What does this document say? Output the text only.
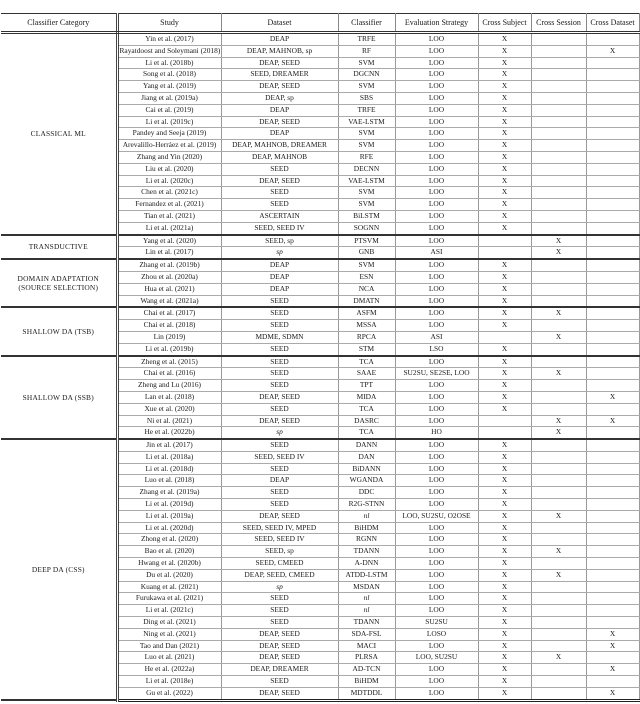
Classifier Category	Study	Dataset	Classifier	Evaluation Strategy	Cross Subject	Cross Session	Cross Dataset
CLASSICAL ML	Yin et al. (2017)	DEAP	TRFE	LOO	X		
	Rayatdoost and Soleymani (2018)	DEAP, MAHNOB, sp	RF	LOO	X		X
	Li et al. (2018b)	DEAP, SEED	SVM	LOO	X		
	Song et al. (2018)	SEED, DREAMER	DGCNN	LOO	X		
	Yang et al. (2019)	DEAP, SEED	SVM	LOO	X		
	Jiang et al. (2019a)	DEAP, sp	SBS	LOO	X		
	Cai et al. (2019)	DEAP	TRFE	LOO	X		
	Li et al. (2019c)	DEAP, SEED	VAE-LSTM	LOO	X		
	Pandey and Seeja (2019)	DEAP	SVM	LOO	X		
	Arevalillo-Herráez et al. (2019)	DEAP, MAHNOB, DREAMER	SVM	LOO	X		
	Zhang and Yin (2020)	DEAP, MAHNOB	RFE	LOO	X		
	Liu et al. (2020)	SEED	DECNN	LOO	X		
	Li et al. (2020c)	DEAP, SEED	VAE-LSTM	LOO	X		
	Chen et al. (2021c)	SEED	SVM	LOO	X		
	Fernandez et al. (2021)	SEED	SVM	LOO	X		
	Tian et al. (2021)	ASCERTAIN	BiLSTM	LOO	X		
	Li et al. (2021a)	SEED, SEED IV	SOGNN	LOO	X		
TRANSDUCTIVE	Yang et al. (2020)	SEED, sp	PTSVM	LOO		X	
	Lin et al. (2017)	sp	GNB	ASI		X	
DOMAIN ADAPTATION (SOURCE SELECTION)	Zhang et al. (2019b)	DEAP	SVM	LOO	X		
	Zhou et al. (2020a)	DEAP	ESN	LOO	X		
	Hua et al. (2021)	DEAP	NCA	LOO	X		
	Wang et al. (2021a)	SEED	DMATN	LOO	X		
SHALLOW DA (TSB)	Chai et al. (2017)	SEED	ASFM	LOO	X	X	
	Chai et al. (2018)	SEED	MSSA	LOO	X		
	Lin (2019)	MDME, SDMN	RPCA	ASI		X	
	Li et al. (2019b)	SEED	STM	LSO	X		
SHALLOW DA (SSB)	Zheng et al. (2015)	SEED	TCA	LOO	X		
	Chai et al. (2016)	SEED	SAAE	SU2SU, SE2SE, LOO	X	X	
	Zheng and Lu (2016)	SEED	TPT	LOO	X		
	Lan et al. (2018)	DEAP, SEED	MIDA	LOO	X		X
	Xue et al. (2020)	SEED	TCA	LOO	X		
	Ni et al. (2021)	DEAP, SEED	DASRC	LOO		X	X
	He et al. (2022b)	sp	TCA	HO		X	
DEEP DA (CSS)	Jin et al. (2017)	SEED	DANN	LOO	X		
	Li et al. (2018a)	SEED, SEED IV	DAN	LOO	X		
	Li et al. (2018d)	SEED	BiDANN	LOO	X		
	Luo et al. (2018)	DEAP	WGANDA	LOO	X		
	Zhang et al. (2019a)	SEED	DDC	LOO	X		
	Li et al. (2019d)	SEED	R2G-STNN	LOO	X		
	Li et al. (2019a)	DEAP, SEED	nl	LOO, SU2SU, O2OSE	X	X	
	Li et al. (2020d)	SEED, SEED IV, MPED	BiHDM	LOO	X		
	Zhong et al. (2020)	SEED, SEED IV	RGNN	LOO	X		
	Bao et al. (2020)	SEED, sp	TDANN	LOO	X	X	
	Hwang et al. (2020b)	SEED, CMEED	A-DNN	LOO	X		
	Du et al. (2020)	DEAP, SEED, CMEED	ATDD-LSTM	LOO	X	X	
	Kuang et al. (2021)	sp	MSDAN	LOO	X		
	Furukawa et al. (2021)	SEED	nl	LOO	X		
	Li et al. (2021c)	SEED	nl	LOO	X		
	Ding et al. (2021)	SEED	TDANN	SU2SU	X		
	Ning et al. (2021)	DEAP, SEED	SDA-FSL	LOSO	X		X
	Tao and Dan (2021)	DEAP, SEED	MACI	LOO	X		X
	Luo et al. (2021)	DEAP, SEED	PLRSA	LOO, SU2SU	X	X	
	He et al. (2022a)	DEAP, DREAMER	AD-TCN	LOO	X		X
	Li et al. (2018e)	SEED	BiHDM	LOO	X		
	Gu et al. (2022)	DEAP, SEED	MDTDDL	LOO	X		X
